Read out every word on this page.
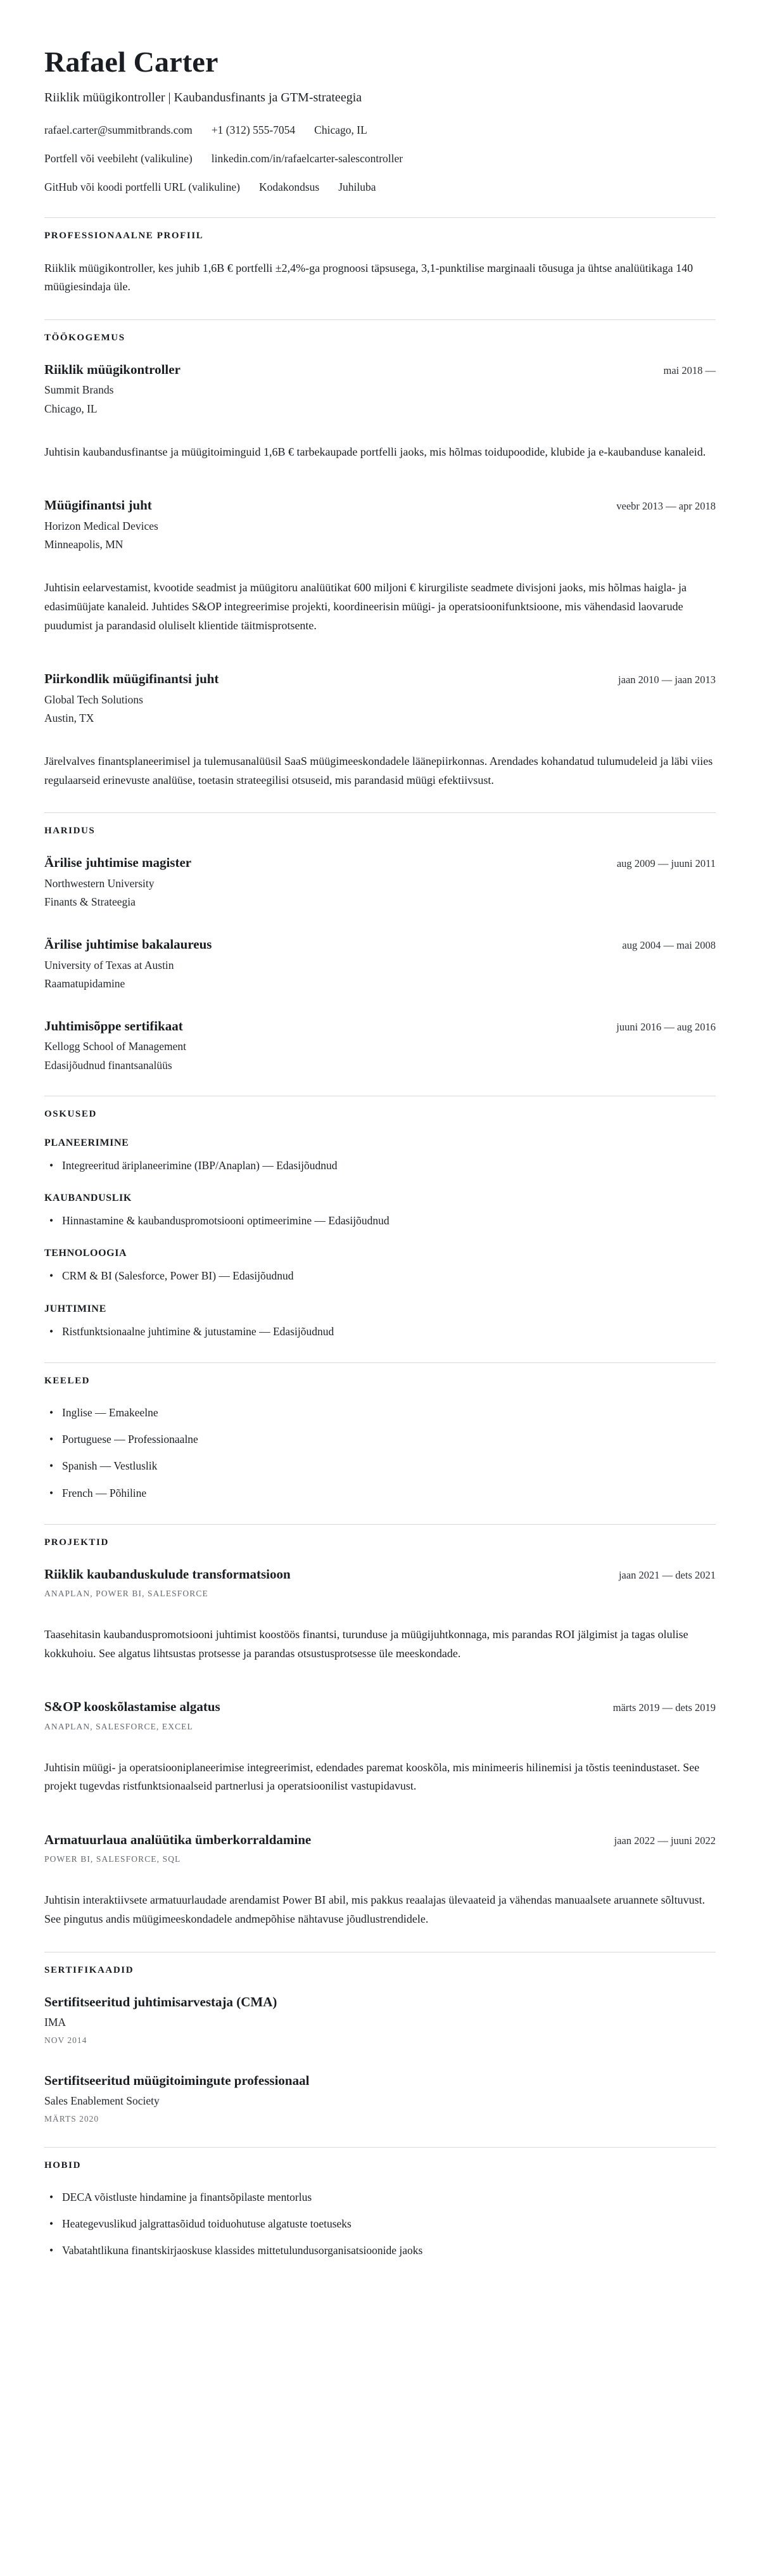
Rafael Carter
Riiklik müügikontroller | Kaubandusfinants ja GTM-strateegia
rafael.carter@summitbrands.com +1 (312) 555-7054 Chicago, IL
Portfell või veebileht (valikuline) linkedin.com/in/rafaelcarter-salescontroller
GitHub või koodi portfelli URL (valikuline) Kodakondsus Juhiluba
PROFESSIONAALNE PROFIIL

Riiklik müügikontroller, kes juhib 1,6B € portfelli ±2,4%-ga prognoosi täpsusega, 3,1-punktilise marginaali tõusuga ja ühtse analüütikaga 140 müügiesindaja üle.

TÖÖKOGEMUS
Riiklik müügikontroller	mai 2018 —
Summit Brands
Chicago, IL

Juhtisin kaubandusfinantse ja müügitoiminguid 1,6B € tarbekaupade portfelli jaoks, mis hõlmas toidupoodide, klubide ja e-kaubanduse kanaleid.

Müügifinantsi juht	veebr 2013 — apr 2018
Horizon Medical Devices
Minneapolis, MN

Juhtisin eelarvestamist, kvootide seadmist ja müügitoru analüütikat 600 miljoni € kirurgiliste seadmete divisjoni jaoks, mis hõlmas haigla- ja edasimüüjate kanaleid. Juhtides S&OP integreerimise projekti, koordineerisin müügi- ja operatsioonifunktsioone, mis vähendasid laovarude puudumist ja parandasid oluliselt klientide täitmisprotsente.

Piirkondlik müügifinantsi juht	jaan 2010 — jaan 2013
Global Tech Solutions
Austin, TX

Järelvalves finantsplaneerimisel ja tulemusanalüüsil SaaS müügimeeskondadele läänepiirkonnas. Arendades kohandatud tulumudeleid ja läbi viies regulaarseid erinevuste analüüse, toetasin strateegilisi otsuseid, mis parandasid müügi efektiivsust.

HARIDUS
Ärilise juhtimise magister	aug 2009 — juuni 2011
Northwestern University
Finants & Strateegia
Ärilise juhtimise bakalaureus	aug 2004 — mai 2008
University of Texas at Austin
Raamatupidamine
Juhtimisõppe sertifikaat	juuni 2016 — aug 2016
Kellogg School of Management
Edasijõudnud finantsanalüüs
OSKUSED
PLANEERIMINE
• Integreeritud äriplaneerimine (IBP/Anaplan) — Edasijõudnud
KAUBANDUSLIK
• Hinnastamine & kaubanduspromotsiooni optimeerimine — Edasijõudnud
TEHNOLOOGIA
• CRM & BI (Salesforce, Power BI) — Edasijõudnud
JUHTIMINE
• Ristfunktsionaalne juhtimine & jutustamine — Edasijõudnud
KEELED
• Inglise — Emakeelne
• Portuguese — Professionaalne
• Spanish — Vestluslik
• French — Põhiline
PROJEKTID
Riiklik kaubanduskulude transformatsioon	jaan 2021 — dets 2021
ANAPLAN, POWER BI, SALESFORCE

Taasehitasin kaubanduspromotsiooni juhtimist koostöös finantsi, turunduse ja müügijuhtkonnaga, mis parandas ROI jälgimist ja tagas olulise kokkuhoiu. See algatus lihtsustas protsesse ja parandas otsustusprotsesse üle meeskondade.

S&OP kooskõlastamise algatus	märts 2019 — dets 2019
ANAPLAN, SALESFORCE, EXCEL

Juhtisin müügi- ja operatsiooniplaneerimise integreerimist, edendades paremat kooskõla, mis minimeeris hilinemisi ja tõstis teenindustaset. See projekt tugevdas ristfunktsionaalseid partnerlusi ja operatsioonilist vastupidavust.

Armatuurlaua analüütika ümberkorraldamine	jaan 2022 — juuni 2022
POWER BI, SALESFORCE, SQL

Juhtisin interaktiivsete armatuurlaudade arendamist Power BI abil, mis pakkus reaalajas ülevaateid ja vähendas manuaalsete aruannete sõltuvust. See pingutus andis müügimeeskondadele andmepõhise nähtavuse jõudlustrendidele.

SERTIFIKAADID
Sertifitseeritud juhtimisarvestaja (CMA)
IMA
NOV 2014
Sertifitseeritud müügitoimingute professionaal
Sales Enablement Society
MÄRTS 2020
HOBID
• DECA võistluste hindamine ja finantsõpilaste mentorlus
• Heategevuslikud jalgrattasõidud toiduohutuse algatuste toetuseks
• Vabatahtlikuna finantskirjaoskuse klassides mittetulundusorganisatsioonide jaoks
